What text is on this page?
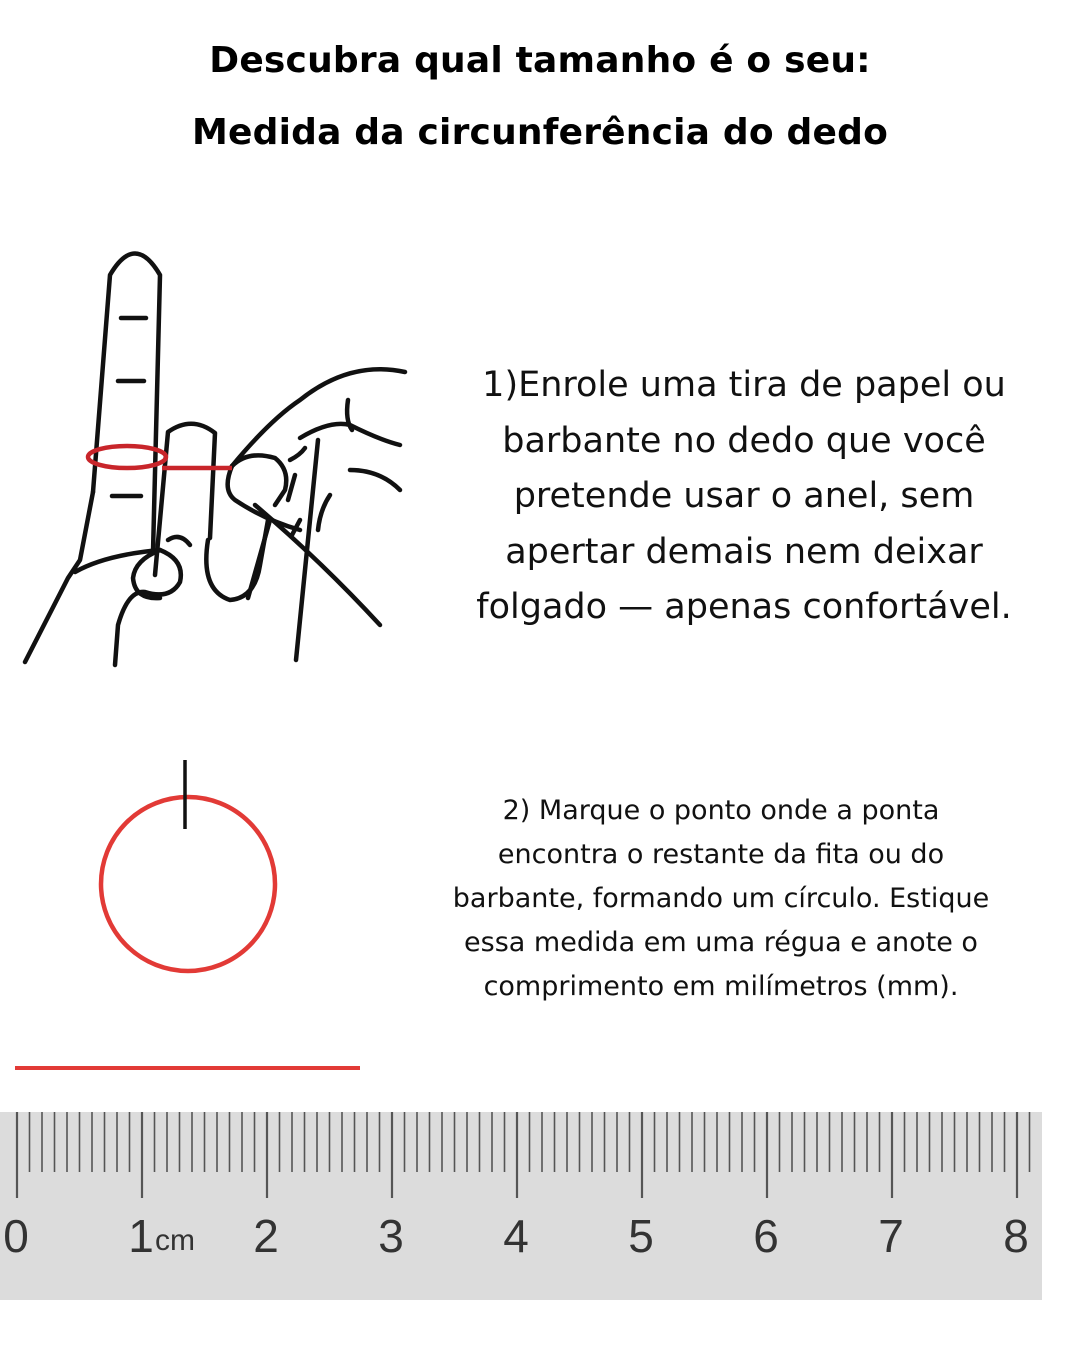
Descubra qual tamanho é o seu:
Medida da circunferência do dedo
1)Enrole uma tira de papel ou barbante no dedo que você pretende usar o anel, sem apertar demais nem deixar folgado — apenas confortável.
2) Marque o ponto onde a ponta encontra o restante da fita ou do barbante, formando um círculo. Estique essa medida em uma régua e anote o comprimento em milímetros (mm).
0 1 cm 2 3 4 5 6 7 8
